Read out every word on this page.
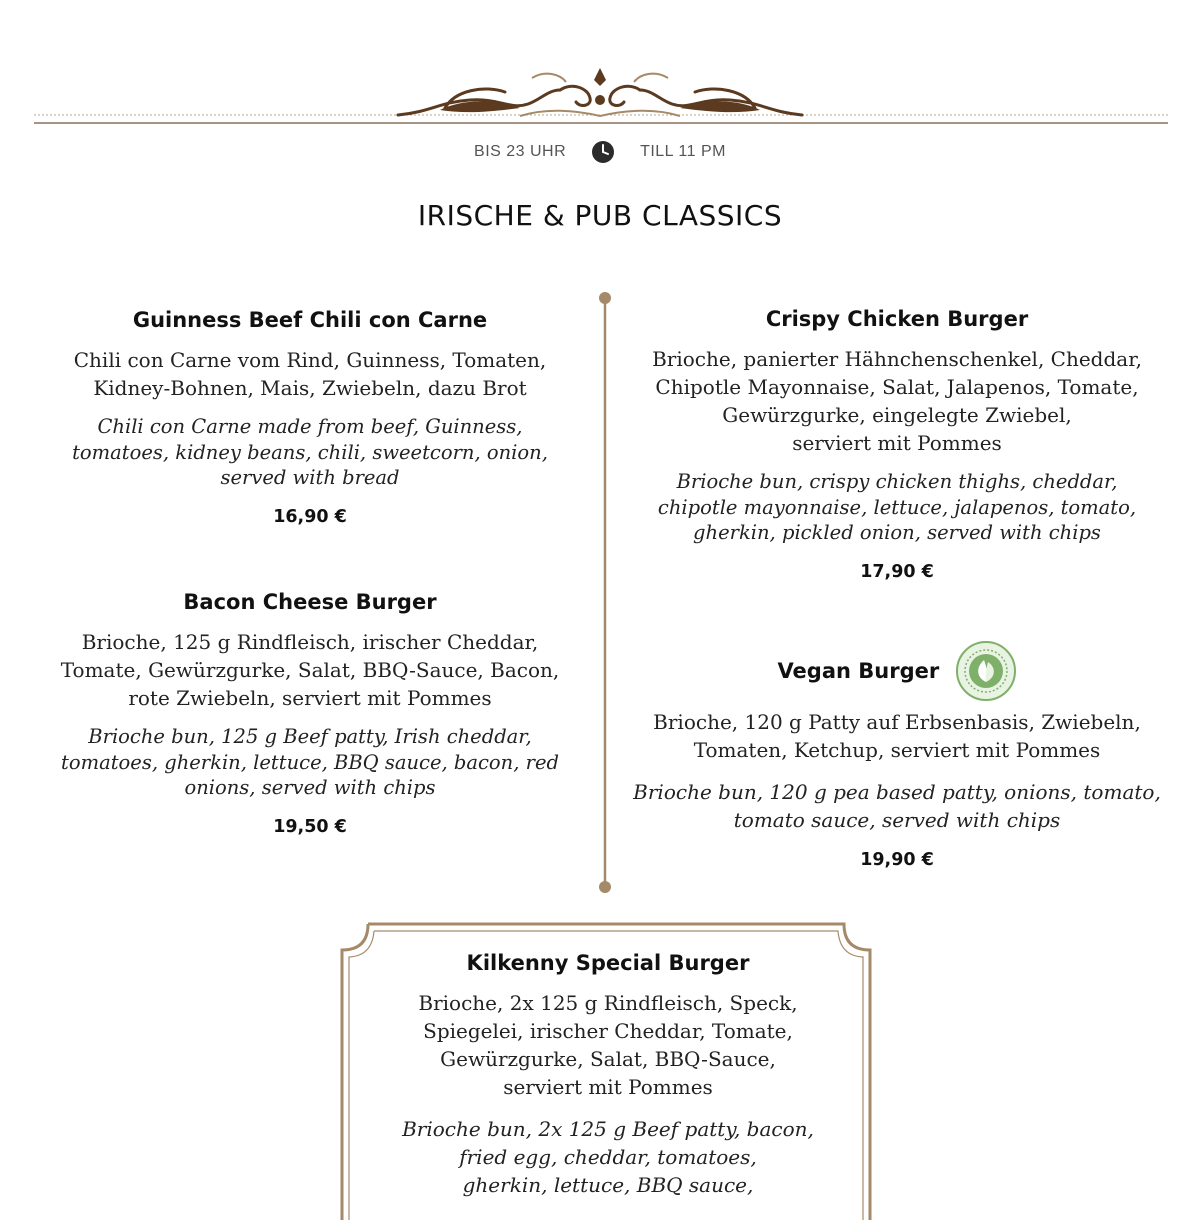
BIS 23 UHR	TILL 11 PM
IRISCHE & PUB CLASSICS
Guinness Beef Chili con Carne
Chili con Carne vom Rind, Guinness, Tomaten,
Kidney-Bohnen, Mais, Zwiebeln, dazu Brot
Chili con Carne made from beef, Guinness,
tomatoes, kidney beans, chili, sweetcorn, onion,
served with bread
16,90 €
Bacon Cheese Burger
Brioche, 125 g Rindfleisch, irischer Cheddar,
Tomate, Gewürzgurke, Salat, BBQ-Sauce, Bacon,
rote Zwiebeln, serviert mit Pommes
Brioche bun, 125 g Beef patty, Irish cheddar,
tomatoes, gherkin, lettuce, BBQ sauce, bacon, red
onions, served with chips
19,50 €
Crispy Chicken Burger
Brioche, panierter Hähnchenschenkel, Cheddar,
Chipotle Mayonnaise, Salat, Jalapenos, Tomate,
Gewürzgurke, eingelegte Zwiebel,
serviert mit Pommes
Brioche bun, crispy chicken thighs, cheddar,
chipotle mayonnaise, lettuce, jalapenos, tomato,
gherkin, pickled onion, served with chips
17,90 €
Vegan Burger
Brioche, 120 g Patty auf Erbsenbasis, Zwiebeln,
Tomaten, Ketchup, serviert mit Pommes
Brioche bun, 120 g pea based patty, onions, tomato,
tomato sauce, served with chips
19,90 €
Kilkenny Special Burger
Brioche, 2x 125 g Rindfleisch, Speck,
Spiegelei, irischer Cheddar, Tomate,
Gewürzgurke, Salat, BBQ-Sauce,
serviert mit Pommes
Brioche bun, 2x 125 g Beef patty, bacon,
fried egg, cheddar, tomatoes,
gherkin, lettuce, BBQ sauce,
